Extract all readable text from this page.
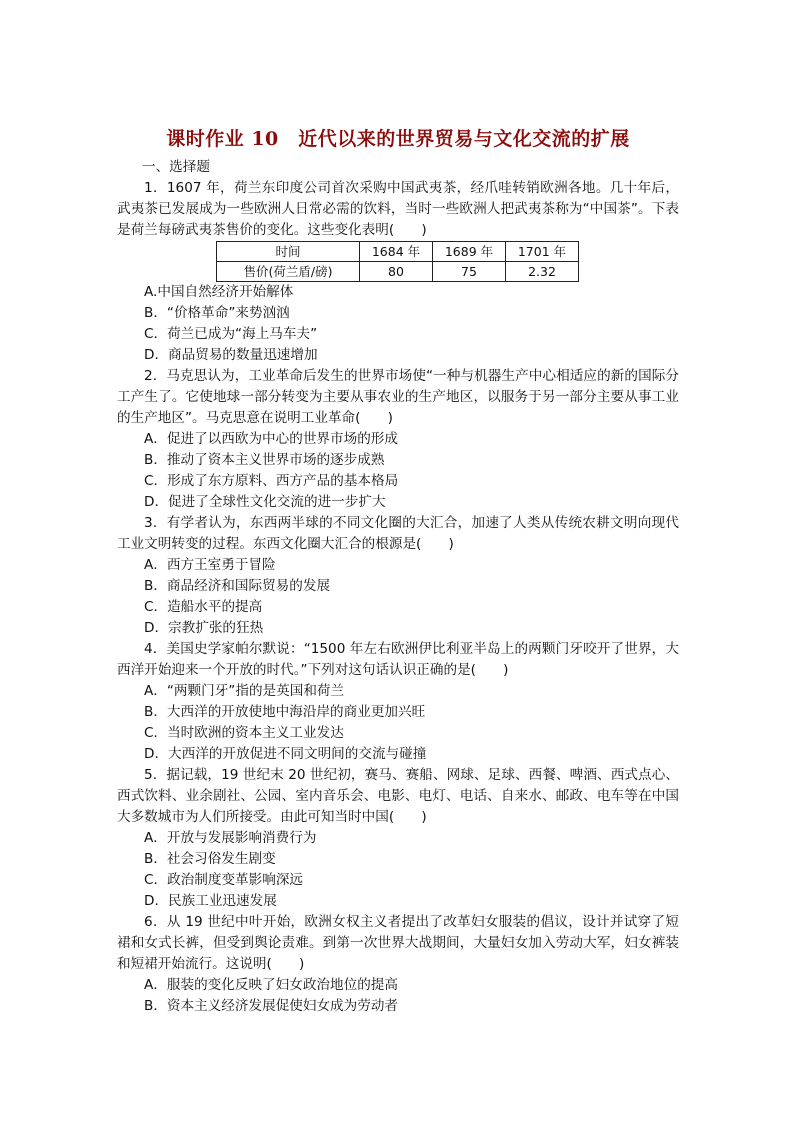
课时作业 10　近代以来的世界贸易与文化交流的扩展

一、选择题

1．1607 年，荷兰东印度公司首次采购中国武夷茶，经爪哇转销欧洲各地。几十年后，武夷茶已发展成为一些欧洲人日常必需的饮料，当时一些欧洲人把武夷茶称为“中国茶”。下表是荷兰每磅武夷茶售价的变化。这些变化表明(　　)

时间	1684 年	1689 年	1701 年
售价(荷兰盾/磅)	80	75	2.32

A.中国自然经济开始解体

B．“价格革命”来势汹汹

C．荷兰已成为“海上马车夫”

D．商品贸易的数量迅速增加

2．马克思认为，工业革命后发生的世界市场使“一种与机器生产中心相适应的新的国际分工产生了。它使地球一部分转变为主要从事农业的生产地区，以服务于另一部分主要从事工业的生产地区”。马克思意在说明工业革命(　　)

A．促进了以西欧为中心的世界市场的形成

B．推动了资本主义世界市场的逐步成熟

C．形成了东方原料、西方产品的基本格局

D．促进了全球性文化交流的进一步扩大

3．有学者认为，东西两半球的不同文化圈的大汇合，加速了人类从传统农耕文明向现代工业文明转变的过程。东西文化圈大汇合的根源是(　　)

A．西方王室勇于冒险

B．商品经济和国际贸易的发展

C．造船水平的提高

D．宗教扩张的狂热

4．美国史学家帕尔默说：“1500 年左右欧洲伊比利亚半岛上的两颗门牙咬开了世界，大西洋开始迎来一个开放的时代。”下列对这句话认识正确的是(　　)

A．“两颗门牙”指的是英国和荷兰

B．大西洋的开放使地中海沿岸的商业更加兴旺

C．当时欧洲的资本主义工业发达

D．大西洋的开放促进不同文明间的交流与碰撞

5．据记载，19 世纪末 20 世纪初，赛马、赛船、网球、足球、西餐、啤酒、西式点心、西式饮料、业余剧社、公园、室内音乐会、电影、电灯、电话、自来水、邮政、电车等在中国大多数城市为人们所接受。由此可知当时中国(　　)

A．开放与发展影响消费行为

B．社会习俗发生剧变

C．政治制度变革影响深远

D．民族工业迅速发展

6．从 19 世纪中叶开始，欧洲女权主义者提出了改革妇女服装的倡议，设计并试穿了短裙和女式长裤，但受到舆论责难。到第一次世界大战期间，大量妇女加入劳动大军，妇女裤装和短裙开始流行。这说明(　　)

A．服装的变化反映了妇女政治地位的提高

B．资本主义经济发展促使妇女成为劳动者
